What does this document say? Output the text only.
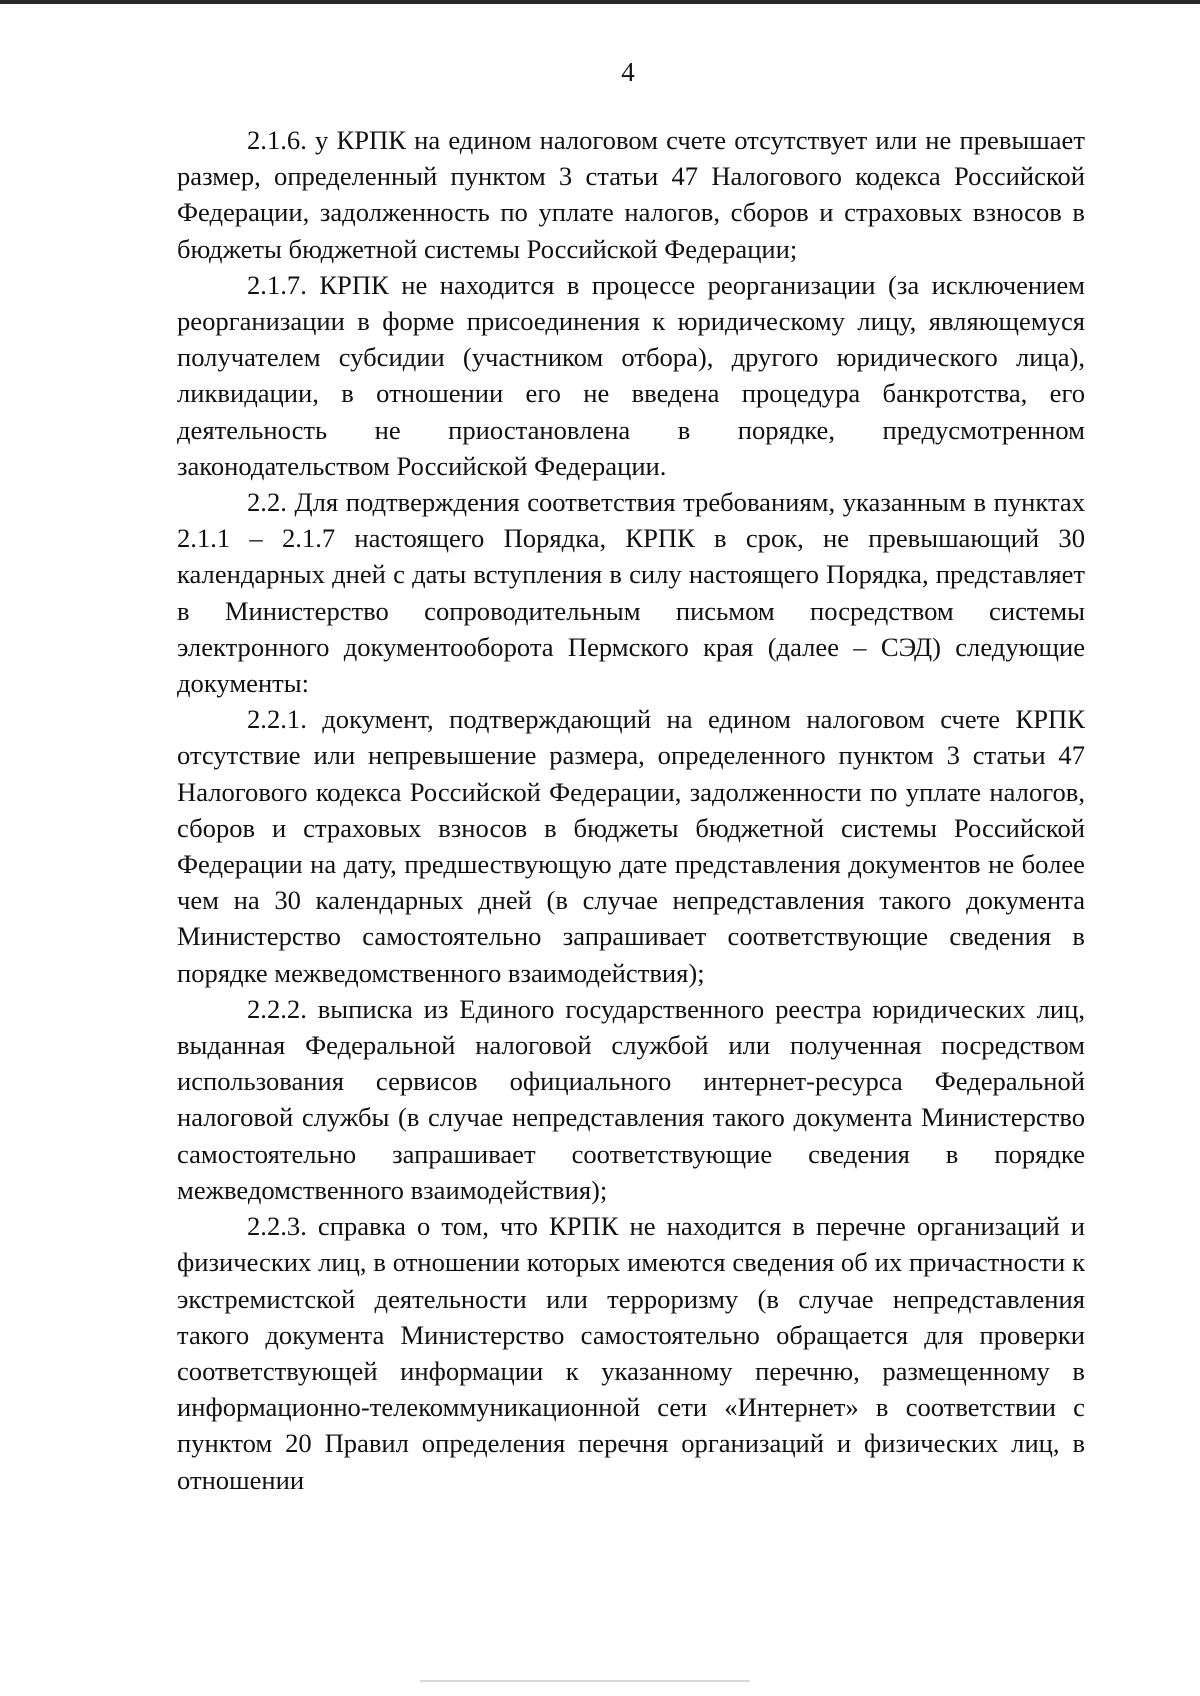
4

2.1.6. у КРПК на едином налоговом счете отсутствует или не превышает размер, определенный пунктом 3 статьи 47 Налогового кодекса Российской Федерации, задолженность по уплате налогов, сборов и страховых взносов в бюджеты бюджетной системы Российской Федерации;

2.1.7. КРПК не находится в процессе реорганизации (за исключением реорганизации в форме присоединения к юридическому лицу, являющемуся получателем субсидии (участником отбора), другого юридического лица), ликвидации, в отношении его не введена процедура банкротства, его деятельность не приостановлена в порядке, предусмотренном законодательством Российской Федерации.

2.2. Для подтверждения соответствия требованиям, указанным в пунктах 2.1.1 – 2.1.7 настоящего Порядка, КРПК в срок, не превышающий 30 календарных дней с даты вступления в силу настоящего Порядка, представляет в Министерство сопроводительным письмом посредством системы электронного документооборота Пермского края (далее – СЭД) следующие документы:

2.2.1. документ, подтверждающий на едином налоговом счете КРПК отсутствие или непревышение размера, определенного пунктом 3 статьи 47 Налогового кодекса Российской Федерации, задолженности по уплате налогов, сборов и страховых взносов в бюджеты бюджетной системы Российской Федерации на дату, предшествующую дате представления документов не более чем на 30 календарных дней (в случае непредставления такого документа Министерство самостоятельно запрашивает соответствующие сведения в порядке межведомственного взаимодействия);

2.2.2. выписка из Единого государственного реестра юридических лиц, выданная Федеральной налоговой службой или полученная посредством использования сервисов официального интернет-ресурса Федеральной налоговой службы (в случае непредставления такого документа Министерство самостоятельно запрашивает соответствующие сведения в порядке межведомственного взаимодействия);

2.2.3. справка о том, что КРПК не находится в перечне организаций и физических лиц, в отношении которых имеются сведения об их причастности к экстремистской деятельности или терроризму (в случае непредставления такого документа Министерство самостоятельно обращается для проверки соответствующей информации к указанному перечню, размещенному в информационно-телекоммуникационной сети «Интернет» в соответствии с пунктом 20 Правил определения перечня организаций и физических лиц, в отношении
